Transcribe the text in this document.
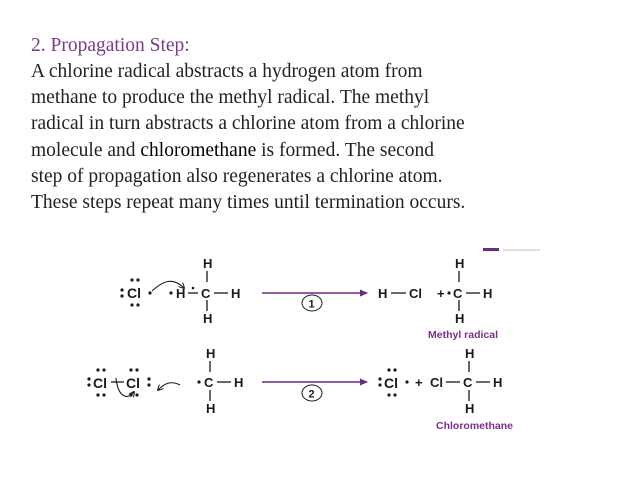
2. Propagation Step:
A chlorine radical abstracts a hydrogen atom from
methane to produce the methyl radical. The methyl
radical in turn abstracts a chlorine atom from a chlorine
molecule and chloromethane is formed. The second
step of propagation also regenerates a chlorine atom.
These steps repeat many times until termination occurs.
Cl	H C H
H
H
1
H Cl + C H
H
H
Methyl radical
Cl Cl	C H
H
H
2
Cl + Cl C H
H
H
Chloromethane
